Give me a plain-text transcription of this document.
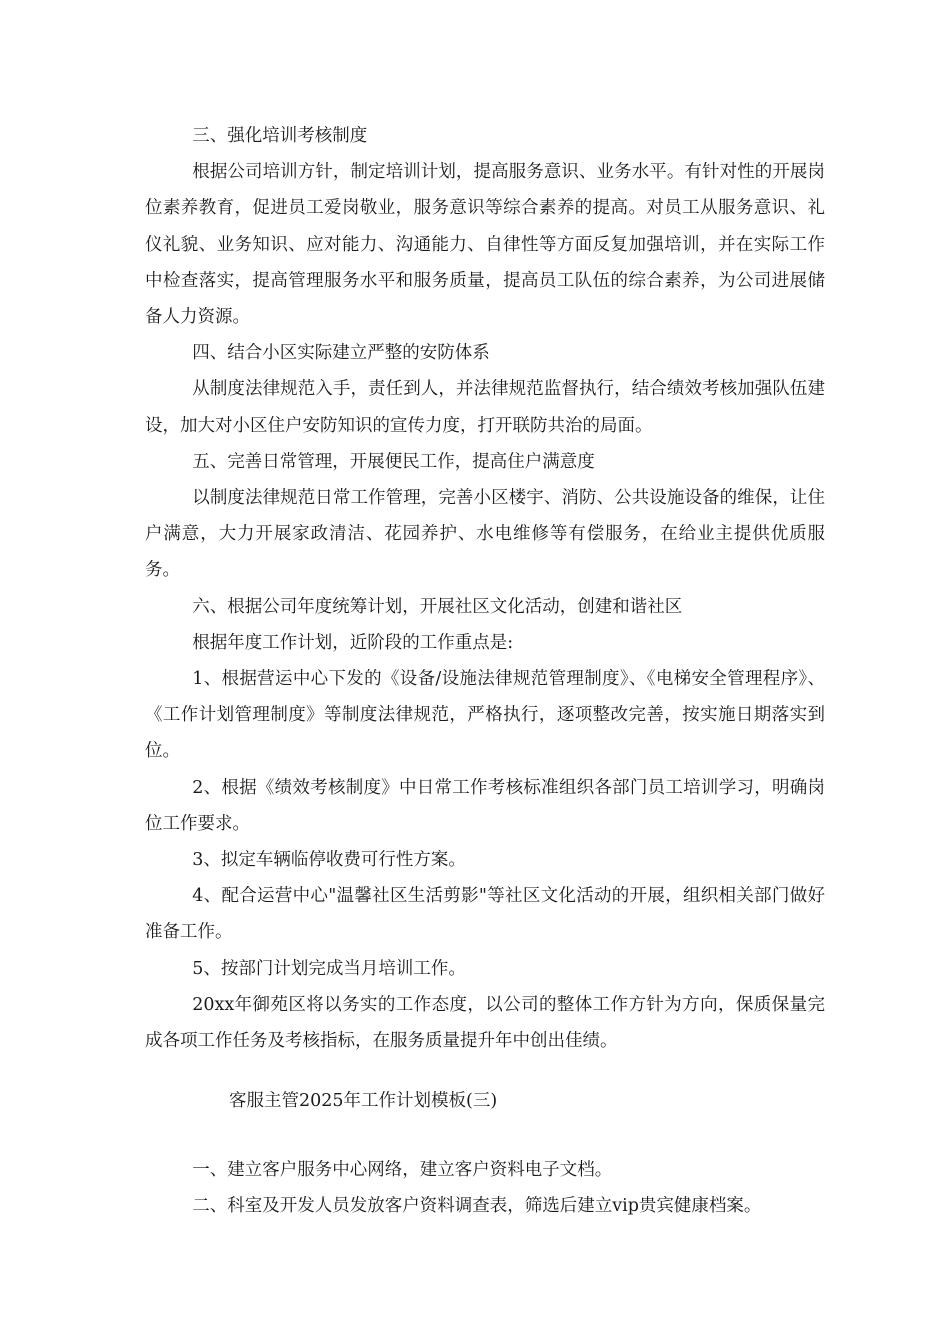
三、强化培训考核制度

根据公司培训方针，制定培训计划，提高服务意识、业务水平。有针对性的开展岗位素养教育，促进员工爱岗敬业，服务意识等综合素养的提高。对员工从服务意识、礼仪礼貌、业务知识、应对能力、沟通能力、自律性等方面反复加强培训，并在实际工作中检查落实，提高管理服务水平和服务质量，提高员工队伍的综合素养，为公司进展储备人力资源。

四、结合小区实际建立严整的安防体系

从制度法律规范入手，责任到人，并法律规范监督执行，结合绩效考核加强队伍建设，加大对小区住户安防知识的宣传力度，打开联防共治的局面。

五、完善日常管理，开展便民工作，提高住户满意度

以制度法律规范日常工作管理，完善小区楼宇、消防、公共设施设备的维保，让住户满意，大力开展家政清洁、花园养护、水电维修等有偿服务，在给业主提供优质服务。

六、根据公司年度统筹计划，开展社区文化活动，创建和谐社区

根据年度工作计划，近阶段的工作重点是:

1、根据营运中心下发的《设备/设施法律规范管理制度》、《电梯安全管理程序》、《工作计划管理制度》等制度法律规范，严格执行，逐项整改完善，按实施日期落实到位。

2、根据《绩效考核制度》中日常工作考核标准组织各部门员工培训学习，明确岗位工作要求。

3、拟定车辆临停收费可行性方案。

4、配合运营中心"温馨社区生活剪影"等社区文化活动的开展，组织相关部门做好准备工作。

5、按部门计划完成当月培训工作。

20xx年御苑区将以务实的工作态度，以公司的整体工作方针为方向，保质保量完成各项工作任务及考核指标，在服务质量提升年中创出佳绩。

客服主管2025年工作计划模板(三)

一、建立客户服务中心网络，建立客户资料电子文档。

二、科室及开发人员发放客户资料调查表，筛选后建立vip贵宾健康档案。
